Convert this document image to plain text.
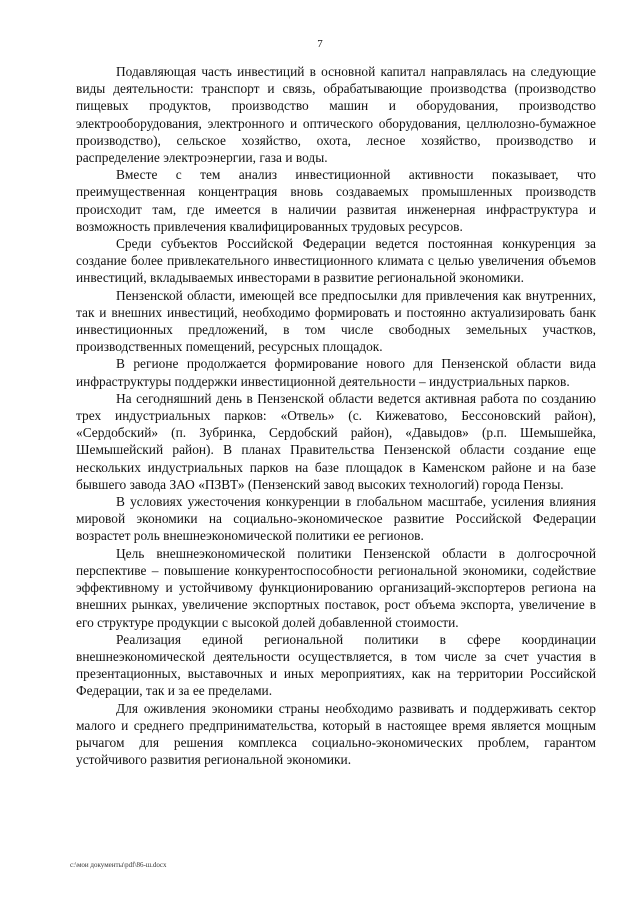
7

Подавляющая часть инвестиций в основной капитал направлялась на следующие виды деятельности: транспорт и связь, обрабатывающие производства (производство пищевых продуктов, производство машин и оборудования, производство электрооборудования, электронного и оптического оборудования, целлюлозно-бумажное производство), сельское хозяйство, охота, лесное хозяйство, производство и распределение электроэнергии, газа и воды.

Вместе с тем анализ инвестиционной активности показывает, что преимущественная концентрация вновь создаваемых промышленных производств происходит там, где имеется в наличии развитая инженерная инфраструктура и возможность привлечения квалифицированных трудовых ресурсов.

Среди субъектов Российской Федерации ведется постоянная конкуренция за создание более привлекательного инвестиционного климата с целью увеличения объемов инвестиций, вкладываемых инвесторами в развитие региональной экономики.

Пензенской области, имеющей все предпосылки для привлечения как внутренних, так и внешних инвестиций, необходимо формировать и постоянно актуализировать банк инвестиционных предложений, в том числе свободных земельных участков, производственных помещений, ресурсных площадок.

В регионе продолжается формирование нового для Пензенской области вида инфраструктуры поддержки инвестиционной деятельности – индустриальных парков.

На сегодняшний день в Пензенской области ведется активная работа по созданию трех индустриальных парков: «Отвель» (с. Кижеватово, Бессоновский район), «Сердобский» (п. Зубринка, Сердобский район), «Давыдов» (р.п. Шемышейка, Шемышейский район). В планах Правительства Пензенской области создание еще нескольких индустриальных парков на базе площадок в Каменском районе и на базе бывшего завода ЗАО «ПЗВТ» (Пензенский завод высоких технологий) города Пензы.

В условиях ужесточения конкуренции в глобальном масштабе, усиления влияния мировой экономики на социально-экономическое развитие Российской Федерации возрастет роль внешнеэкономической политики ее регионов.

Цель внешнеэкономической политики Пензенской области в долгосрочной перспективе – повышение конкурентоспособности региональной экономики, содействие эффективному и устойчивому функционированию организаций-экспортеров региона на внешних рынках, увеличение экспортных поставок, рост объема экспорта, увеличение в его структуре продукции с высокой долей добавленной стоимости.

Реализация единой региональной политики в сфере координации внешнеэкономической деятельности осуществляется, в том числе за счет участия в презентационных, выставочных и иных мероприятиях, как на территории Российской Федерации, так и за ее пределами.

Для оживления экономики страны необходимо развивать и поддерживать сектор малого и среднего предпринимательства, который в настоящее время является мощным рычагом для решения комплекса социально-экономических проблем, гарантом устойчивого развития региональной экономики.

c:\мои документы\pdf\86-ш.docx
